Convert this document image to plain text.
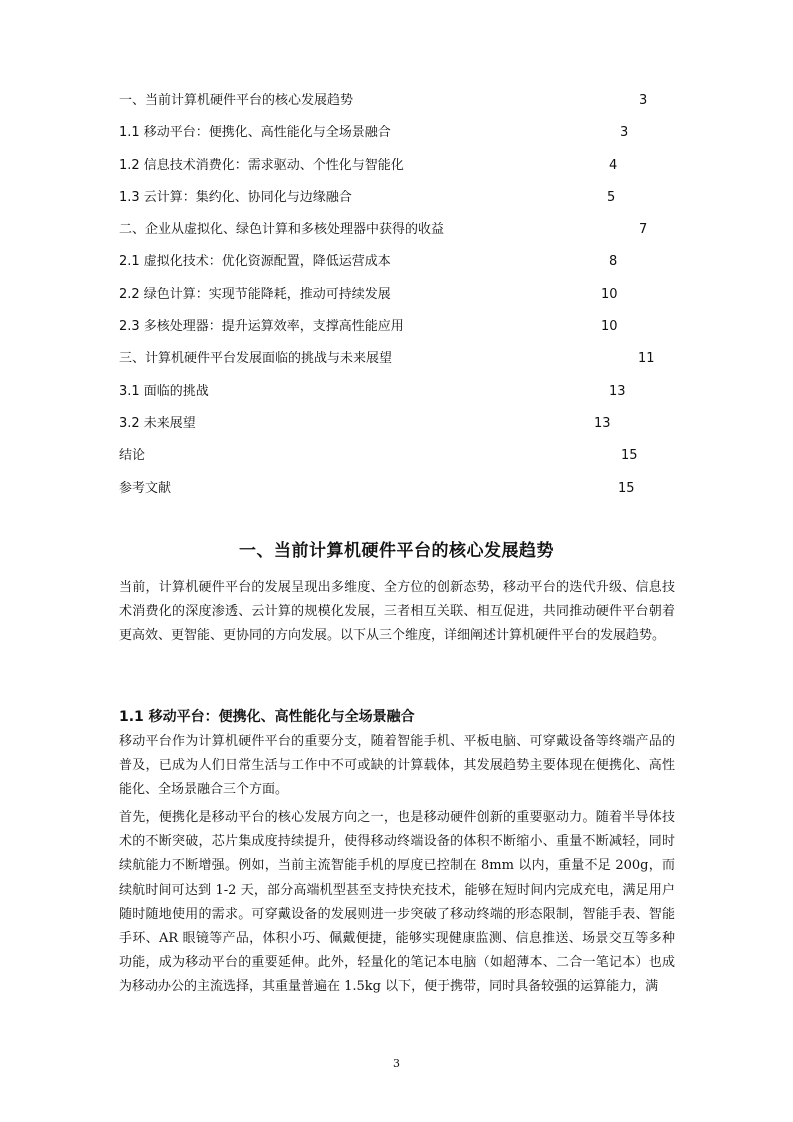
一、当前计算机硬件平台的核心发展趋势	3
1.1 移动平台：便携化、高性能化与全场景融合	3
1.2 信息技术消费化：需求驱动、个性化与智能化	4
1.3 云计算：集约化、协同化与边缘融合	5
二、企业从虚拟化、绿色计算和多核处理器中获得的收益	7
2.1 虚拟化技术：优化资源配置，降低运营成本	8
2.2 绿色计算：实现节能降耗，推动可持续发展	10
2.3 多核处理器：提升运算效率，支撑高性能应用	10
三、计算机硬件平台发展面临的挑战与未来展望	11
3.1 面临的挑战	13
3.2 未来展望	13
结论	15
参考文献	15
一、当前计算机硬件平台的核心发展趋势

当前，计算机硬件平台的发展呈现出多维度、全方位的创新态势，移动平台的迭代升级、信息技术消费化的深度渗透、云计算的规模化发展，三者相互关联、相互促进，共同推动硬件平台朝着更高效、更智能、更协同的方向发展。以下从三个维度，详细阐述计算机硬件平台的发展趋势。

1.1 移动平台：便携化、高性能化与全场景融合

移动平台作为计算机硬件平台的重要分支，随着智能手机、平板电脑、可穿戴设备等终端产品的普及，已成为人们日常生活与工作中不可或缺的计算载体，其发展趋势主要体现在便携化、高性能化、全场景融合三个方面。

首先，便携化是移动平台的核心发展方向之一，也是移动硬件创新的重要驱动力。随着半导体技术的不断突破，芯片集成度持续提升，使得移动终端设备的体积不断缩小、重量不断减轻，同时续航能力不断增强。例如，当前主流智能手机的厚度已控制在 8mm 以内，重量不足 200g，而续航时间可达到 1-2 天，部分高端机型甚至支持快充技术，能够在短时间内完成充电，满足用户随时随地使用的需求。可穿戴设备的发展则进一步突破了移动终端的形态限制，智能手表、智能手环、AR 眼镜等产品，体积小巧、佩戴便捷，能够实现健康监测、信息推送、场景交互等多种功能，成为移动平台的重要延伸。此外，轻量化的笔记本电脑（如超薄本、二合一笔记本）也成为移动办公的主流选择，其重量普遍在 1.5kg 以下，便于携带，同时具备较强的运算能力，满

3
